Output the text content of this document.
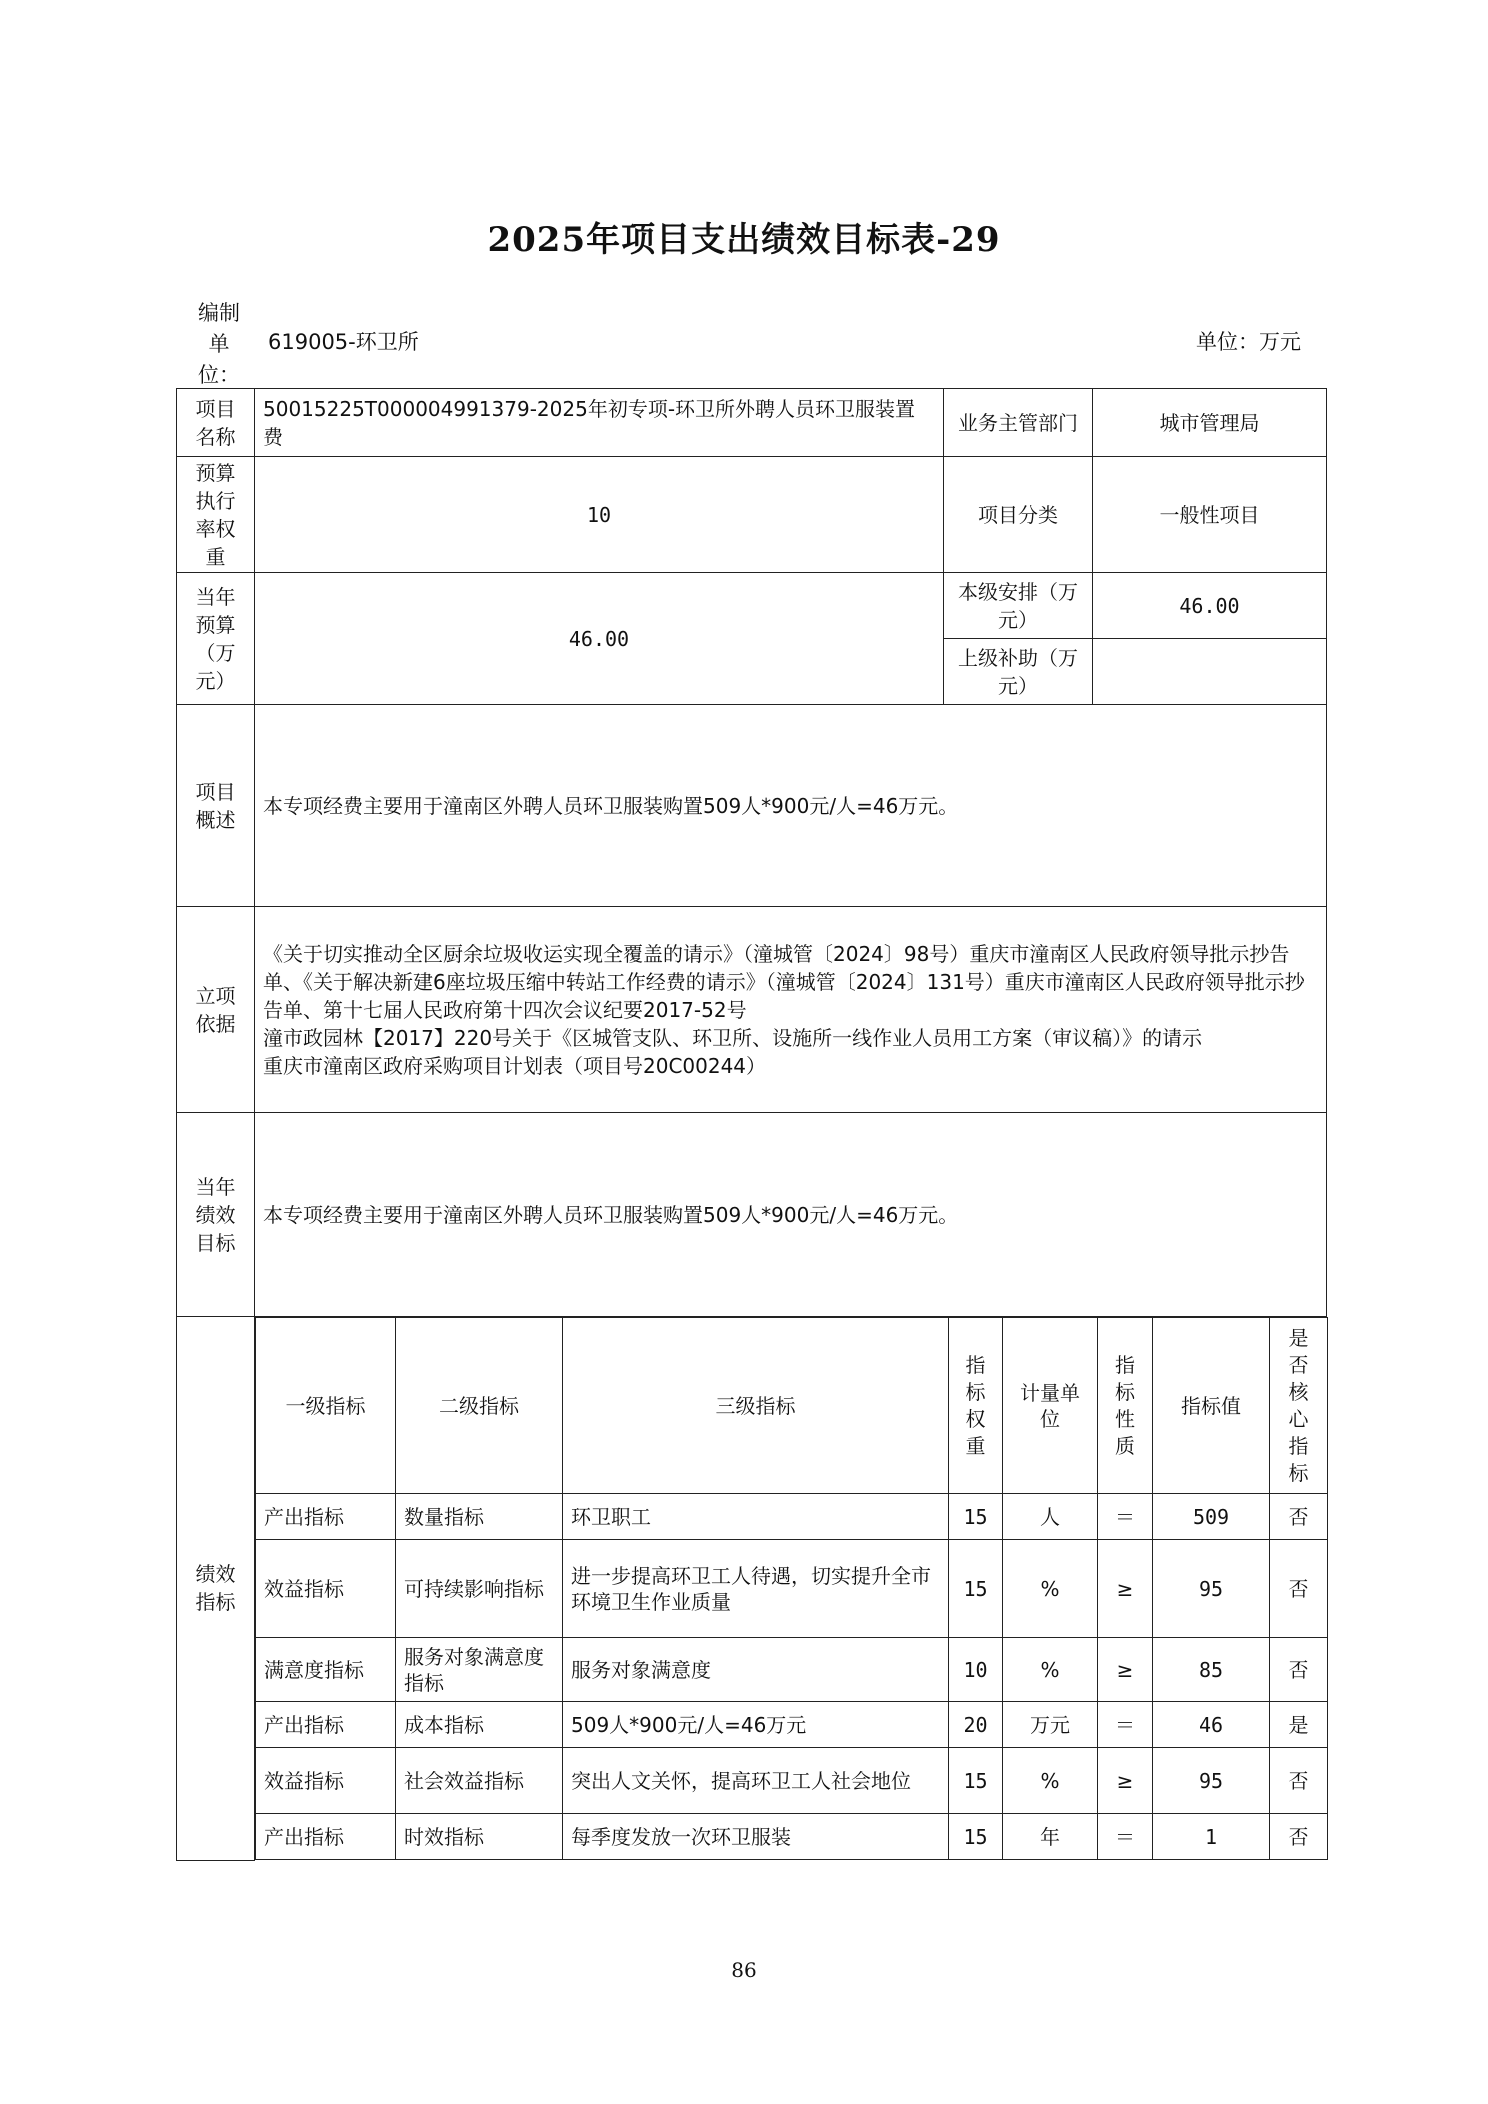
2025年项目支出绩效目标表-29
编制单位：
619005-环卫所	单位：万元
项目名称	50015225T000004991379-2025年初专项-环卫所外聘人员环卫服装置费	业务主管部门	城市管理局
预算执行率权重	10	项目分类	一般性项目
当年预算（万元）	46.00	本级安排（万元）	46.00
上级补助（万元）	
项目概述	本专项经费主要用于潼南区外聘人员环卫服装购置509人*900元/人=46万元。
立项依据	
《关于切实推动全区厨余垃圾收运实现全覆盖的请示》（潼城管〔2024〕98号）重庆市潼南区人民政府领导批示抄告单、《关于解决新建6座垃圾压缩中转站工作经费的请示》（潼城管〔2024〕131号）重庆市潼南区人民政府领导批示抄告单、第十七届人民政府第十四次会议纪要2017-52号
潼市政园林【2017】220号关于《区城管支队、环卫所、设施所一线作业人员用工方案（审议稿）》的请示
重庆市潼南区政府采购项目计划表（项目号20C00244）

当年绩效目标	本专项经费主要用于潼南区外聘人员环卫服装购置509人*900元/人=46万元。
绩效指标	
一级指标	二级指标	三级指标	指标权重	计量单位	指标性质	指标值	是否核心指标
产出指标	数量指标	环卫职工	15	人	＝	509	否
效益指标	可持续影响指标	进一步提高环卫工人待遇，切实提升全市环境卫生作业质量	15	%	≥	95	否
满意度指标	服务对象满意度指标	服务对象满意度	10	%	≥	85	否
产出指标	成本指标	509人*900元/人=46万元	20	万元	＝	46	是
效益指标	社会效益指标	突出人文关怀，提高环卫工人社会地位	15	%	≥	95	否
产出指标	时效指标	每季度发放一次环卫服装	15	年	＝	1	否
86
